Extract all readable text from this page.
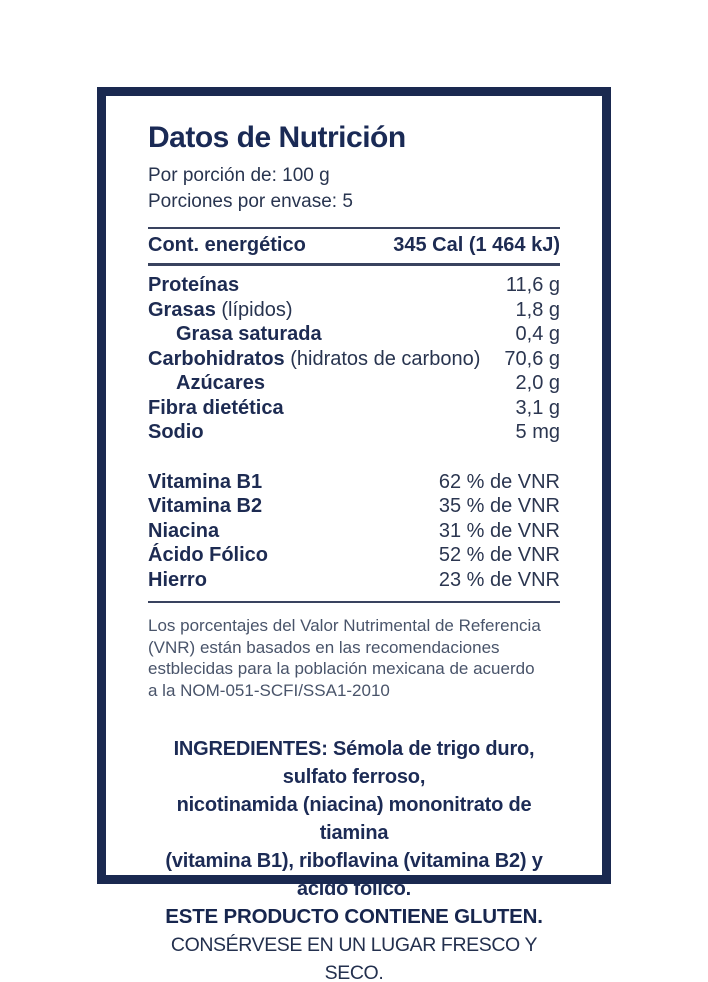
Datos de Nutrición
Por porción de: 100 g
Porciones por envase: 5
Cont. energético	345 Cal (1 464 kJ)
Proteínas	11,6 g
Grasas (lípidos)	1,8 g
Grasa saturada	0,4 g
Carbohidratos (hidratos de carbono) 70,6 g
Azúcares	2,0 g
Fibra dietética	3,1 g
Sodio	5 mg
Vitamina B1	62 % de VNR
Vitamina B2	35 % de VNR
Niacina	31 % de VNR
Ácido Fólico	52 % de VNR
Hierro	23 % de VNR
Los porcentajes del Valor Nutrimental de Referencia
(VNR) están basados en las recomendaciones
estblecidas para la población mexicana de acuerdo
a la NOM-051-SCFI/SSA1-2010
INGREDIENTES: Sémola de trigo duro, sulfato ferroso,
nicotinamida (niacina) mononitrato de tiamina
(vitamina B1), riboflavina (vitamina B2) y ácido fólico.
ESTE PRODUCTO CONTIENE GLUTEN.
CONSÉRVESE EN UN LUGAR FRESCO Y SECO.
